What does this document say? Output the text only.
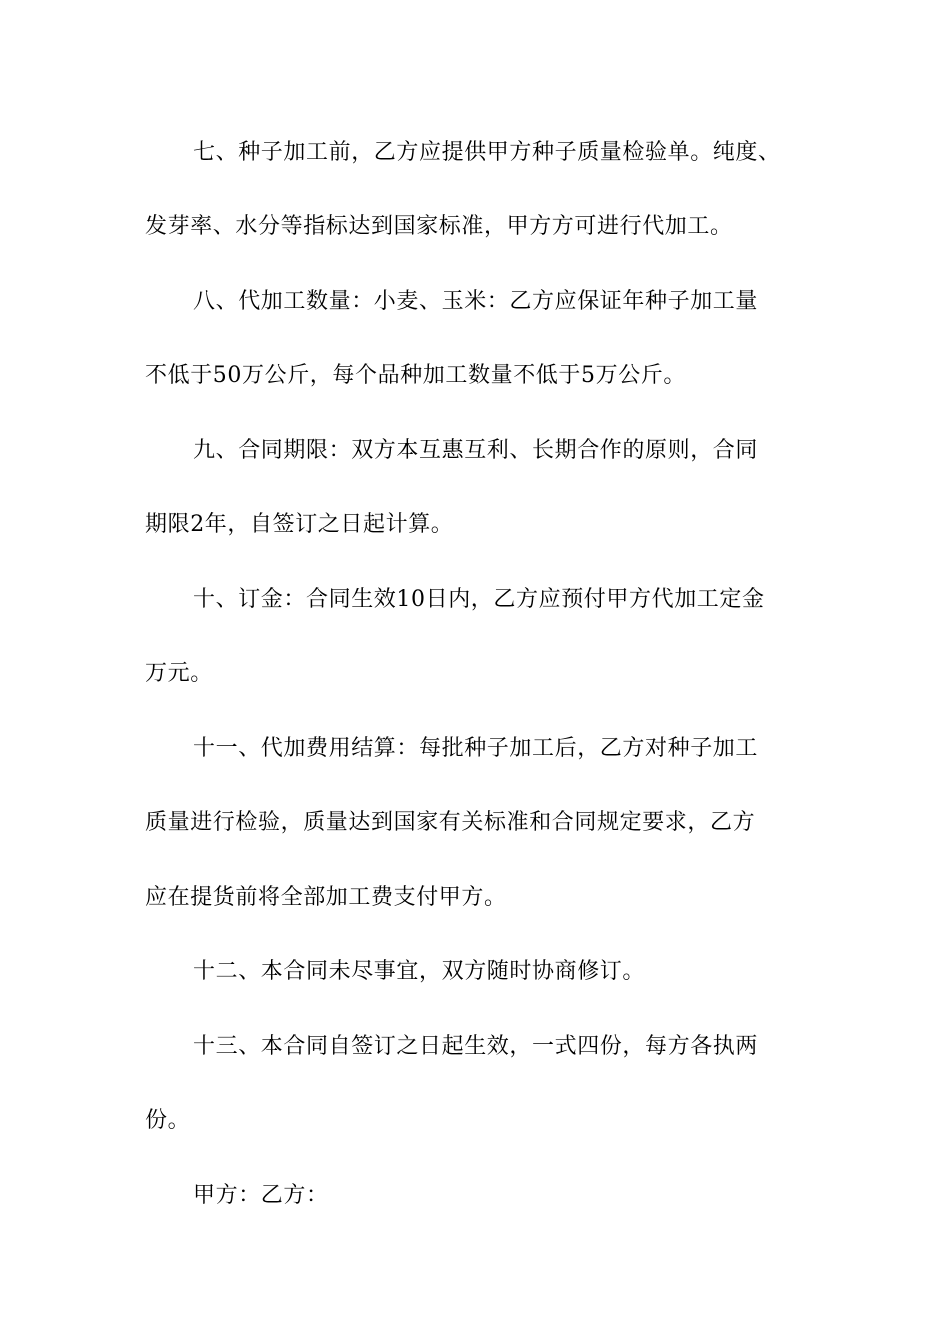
七、种子加工前，乙方应提供甲方种子质量检验单。纯度、
发芽率、水分等指标达到国家标准，甲方方可进行代加工。
八、代加工数量：小麦、玉米：乙方应保证年种子加工量
不低于50万公斤，每个品种加工数量不低于5万公斤。
九、合同期限：双方本互惠互利、长期合作的原则，合同
期限2年，自签订之日起计算。
十、订金：合同生效10日内，乙方应预付甲方代加工定金
万元。
十一、代加费用结算：每批种子加工后，乙方对种子加工
质量进行检验，质量达到国家有关标准和合同规定要求，乙方
应在提货前将全部加工费支付甲方。
十二、本合同未尽事宜，双方随时协商修订。
十三、本合同自签订之日起生效，一式四份，每方各执两
份。
甲方：乙方：
